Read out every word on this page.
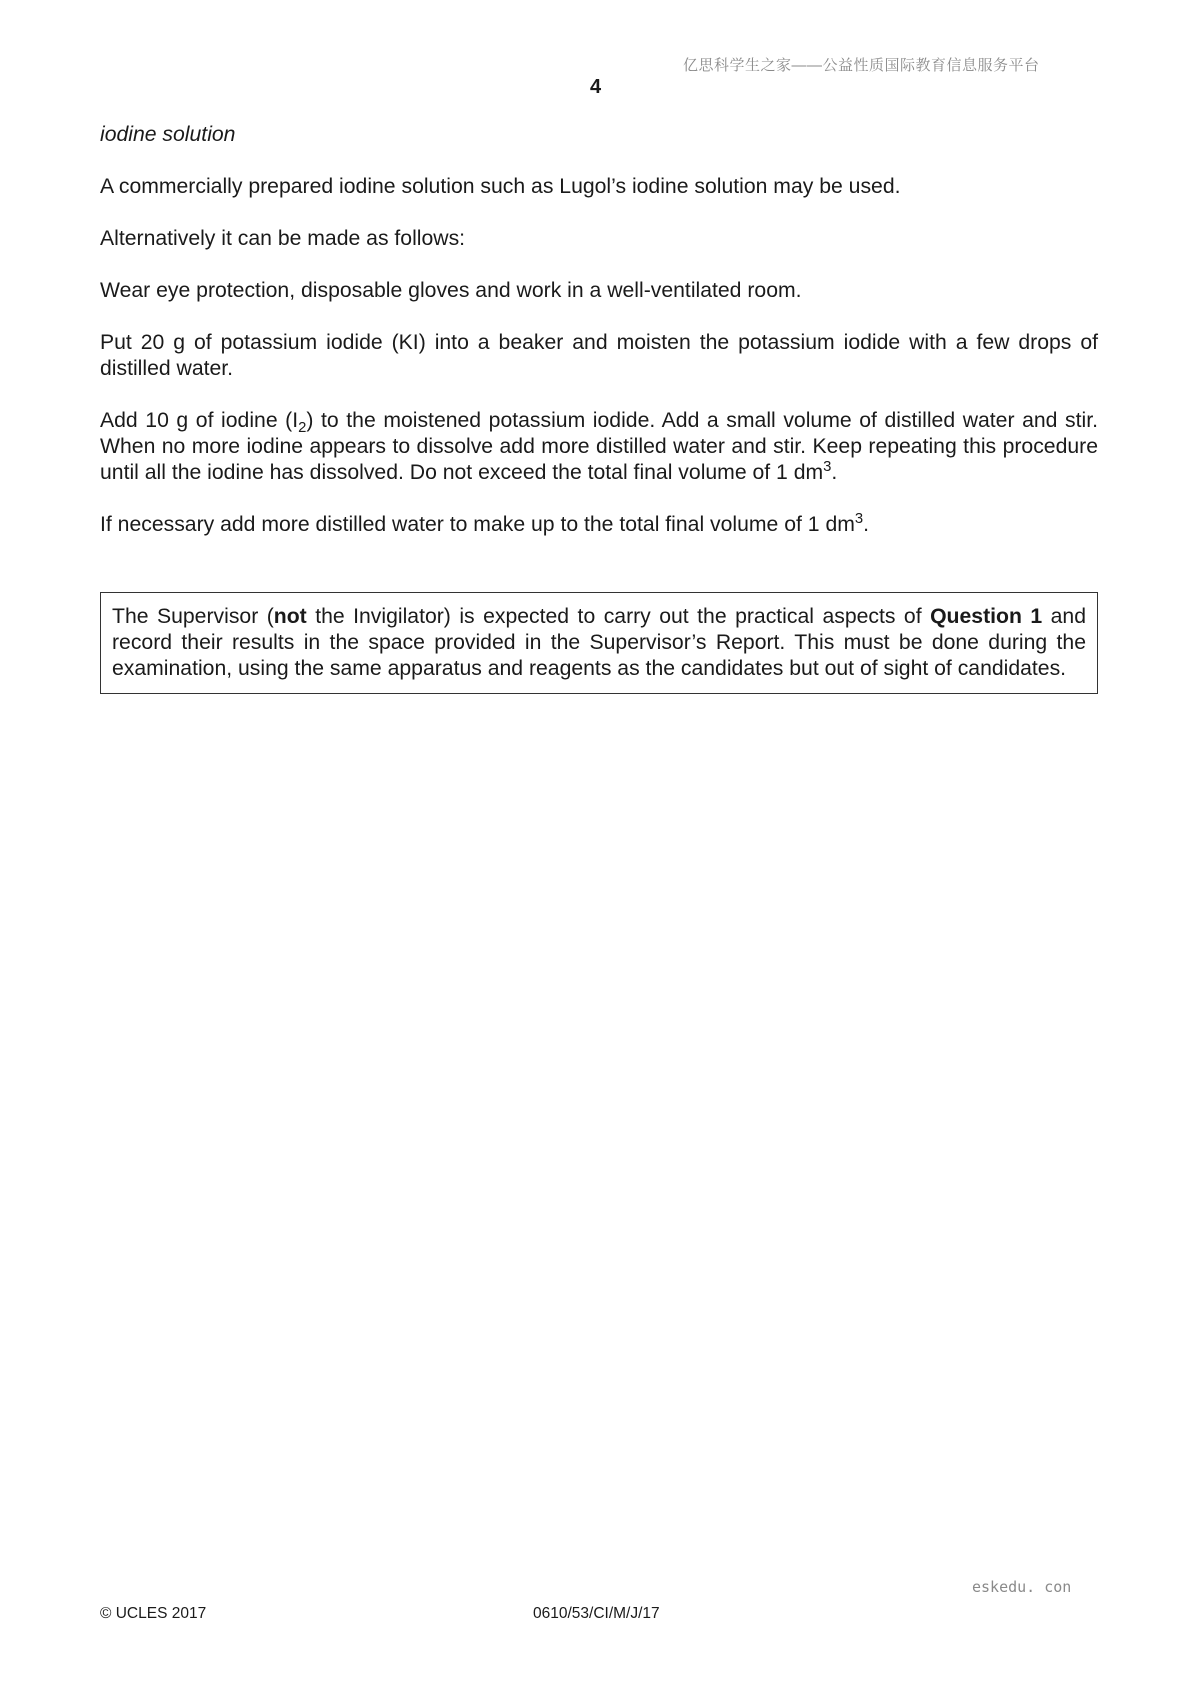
亿思科学生之家——公益性质国际教育信息服务平台
4

iodine solution

A commercially prepared iodine solution such as Lugol’s iodine solution may be used.

Alternatively it can be made as follows:

Wear eye protection, disposable gloves and work in a well-ventilated room.

Put 20 g of potassium iodide (KI) into a beaker and moisten the potassium iodide with a few drops of distilled water.

Add 10 g of iodine $(I_2)$ to the moistened potassium iodide. Add a small volume of distilled water and stir. When no more iodine appears to dissolve add more distilled water and stir. Keep repeating this procedure until all the iodine has dissolved. Do not exceed the total final volume of 1 $dm^3$.

If necessary add more distilled water to make up to the total final volume of 1 $dm^3$.

The Supervisor (not the Invigilator) is expected to carry out the practical aspects of Question 1 and record their results in the space provided in the Supervisor’s Report. This must be done during the examination, using the same apparatus and reagents as the candidates but out of sight of candidates.
eskedu. con
© UCLES 2017	0610/53/CI/M/J/17
